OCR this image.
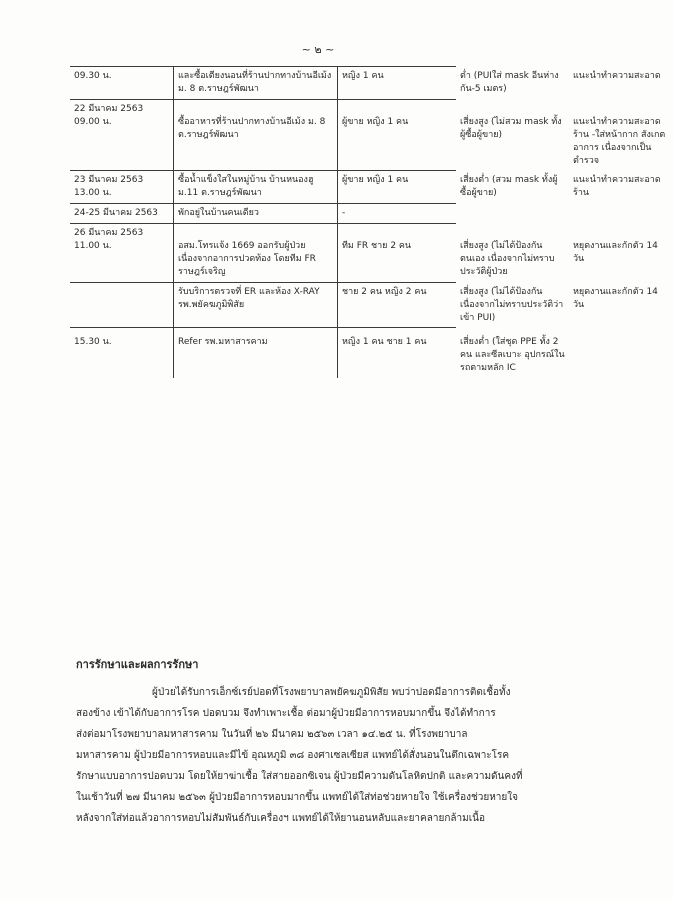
~ ๒ ~
09.30 น.	และซื้อเตียงนอนที่ร้านปากทางบ้านอีเม้ง ม. 8 ต.ราษฎร์พัฒนา	หญิง 1 คน	ต่ำ (PUIใส่ mask อีนห่างกัน-5 เมตร)	แนะนำทำความสะอาด

22 มีนาคม 2563
09.00 น.	ซื้ออาหารที่ร้านปากทางบ้านอีเม้ง ม. 8 ต.ราษฎร์พัฒนา	ผู้ขาย หญิง 1 คน	เสี่ยงสูง (ไม่สวม mask ทั้งผู้ซื้อผู้ขาย)	แนะนำทำความสะอาดร้าน -ใส่หน้ากาก สังเกตอาการ เนื่องจากเป็นตำรวจ

23 มีนาคม 2563
13.00 น.	ซื้อน้ำแข็งใสในหมู่บ้าน บ้านหนองฮู ม.11 ต.ราษฎร์พัฒนา	ผู้ขาย หญิง 1 คน	เสี่ยงต่ำ (สวม mask ทั้งผู้ซื้อผู้ขาย)	แนะนำทำความสะอาดร้าน

24-25 มีนาคม 2563	พักอยู่ในบ้านคนเดียว	-		

26 มีนาคม 2563
11.00 น.	อสม.โทรแจ้ง 1669 ออกรับผู้ป่วย เนื่องจากอาการปวดท้อง โดยทีม FR ราษฎร์เจริญ	ทีม FR ชาย 2 คน	เสี่ยงสูง (ไม่ได้ป้องกันตนเอง เนื่องจากไม่ทราบประวัติผู้ป่วย	หยุดงานและกักตัว 14 วัน

	รับบริการตรวจที่ ER และห้อง X-RAY รพ.พยัคฆภูมิพิสัย	ชาย 2 คน หญิง 2 คน	เสี่ยงสูง (ไม่ได้ป้องกัน เนื่องจากไม่ทราบประวัติว่าเข้า PUI)	หยุดงานและกักตัว 14 วัน

15.30 น.	Refer รพ.มหาสารคาม	หญิง 1 คน ชาย 1 คน	เสี่ยงต่ำ (ใส่ชุด PPE ทั้ง 2 คน และซีลเบาะ อุปกรณ์ในรถตามหลัก IC	
การรักษาและผลการรักษา
ผู้ป่วยได้รับการเอ็กซ์เรย์ปอดที่โรงพยาบาลพยัคฆภูมิพิสัย พบว่าปอดมีอาการติดเชื้อทั้ง
สองข้าง เข้าได้กับอาการโรค ปอดบวม จึงทำเพาะเชื้อ ต่อมาผู้ป่วยมีอาการหอบมากขึ้น จึงได้ทำการ
ส่งต่อมาโรงพยาบาลมหาสารคาม ในวันที่ ๒๖ มีนาคม ๒๕๖๓ เวลา ๑๔.๒๕ น. ที่โรงพยาบาล
มหาสารคาม ผู้ป่วยมีอาการหอบและมีไข้ อุณหภูมิ ๓๘ องศาเซลเซียส แพทย์ได้สั่งนอนในตึกเฉพาะโรค
รักษาแบบอาการปอดบวม โดยให้ยาฆ่าเชื้อ ใส่สายออกซิเจน ผู้ป่วยมีความดันโลหิตปกติ และความดันคงที่
ในเช้าวันที่ ๒๗ มีนาคม ๒๕๖๓ ผู้ป่วยมีอาการหอบมากขึ้น แพทย์ได้ใส่ท่อช่วยหายใจ ใช้เครื่องช่วยหายใจ
หลังจากใส่ท่อแล้วอาการหอบไม่สัมพันธ์กับเครื่องฯ แพทย์ได้ให้ยานอนหลับและยาคลายกล้ามเนื้อ
